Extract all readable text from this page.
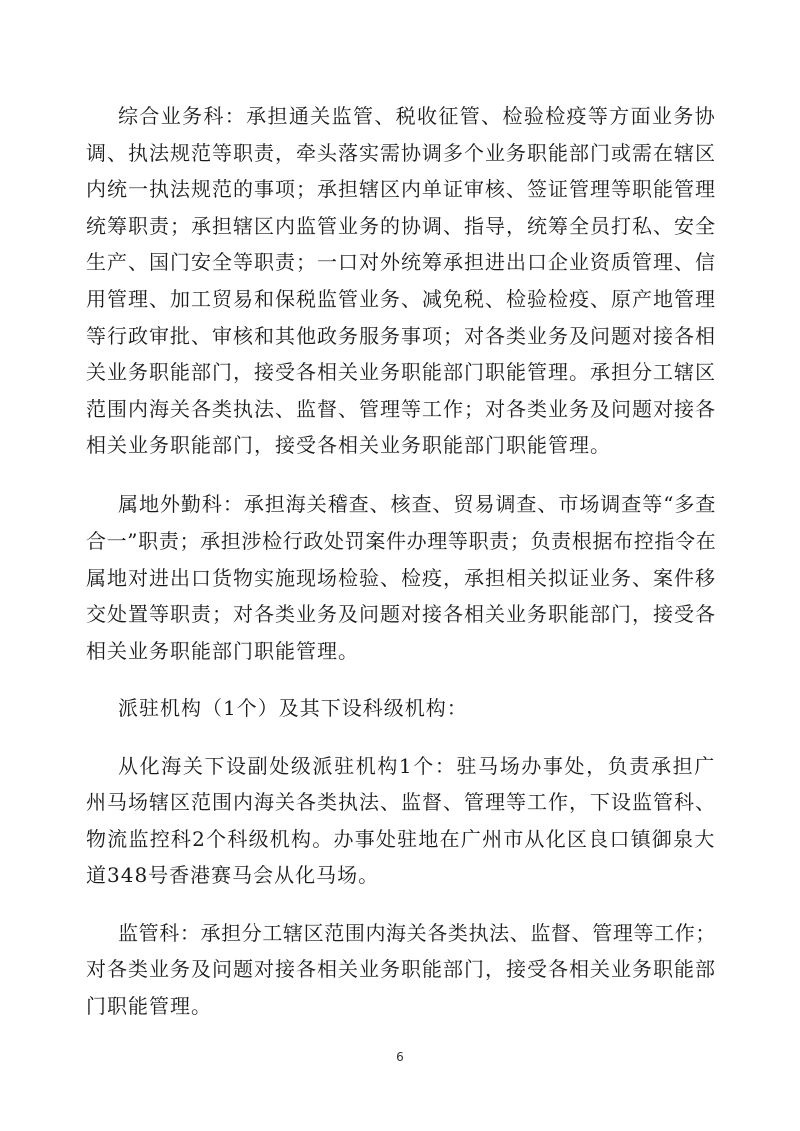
综合业务科：承担通关监管、税收征管、检验检疫等方面业务协
调、执法规范等职责，牵头落实需协调多个业务职能部门或需在辖区
内统一执法规范的事项；承担辖区内单证审核、签证管理等职能管理
统筹职责；承担辖区内监管业务的协调、指导，统筹全员打私、安全
生产、国门安全等职责；一口对外统筹承担进出口企业资质管理、信
用管理、加工贸易和保税监管业务、减免税、检验检疫、原产地管理
等行政审批、审核和其他政务服务事项；对各类业务及问题对接各相
关业务职能部门，接受各相关业务职能部门职能管理。承担分工辖区
范围内海关各类执法、监督、管理等工作；对各类业务及问题对接各
相关业务职能部门，接受各相关业务职能部门职能管理。
属地外勤科：承担海关稽查、核查、贸易调查、市场调查等“多查
合一”职责；承担涉检行政处罚案件办理等职责；负责根据布控指令在
属地对进出口货物实施现场检验、检疫，承担相关拟证业务、案件移
交处置等职责；对各类业务及问题对接各相关业务职能部门，接受各
相关业务职能部门职能管理。
派驻机构（1个）及其下设科级机构：
从化海关下设副处级派驻机构1个：驻马场办事处，负责承担广
州马场辖区范围内海关各类执法、监督、管理等工作，下设监管科、
物流监控科2个科级机构。办事处驻地在广州市从化区良口镇御泉大
道348号香港赛马会从化马场。
监管科：承担分工辖区范围内海关各类执法、监督、管理等工作；
对各类业务及问题对接各相关业务职能部门，接受各相关业务职能部
门职能管理。
6
